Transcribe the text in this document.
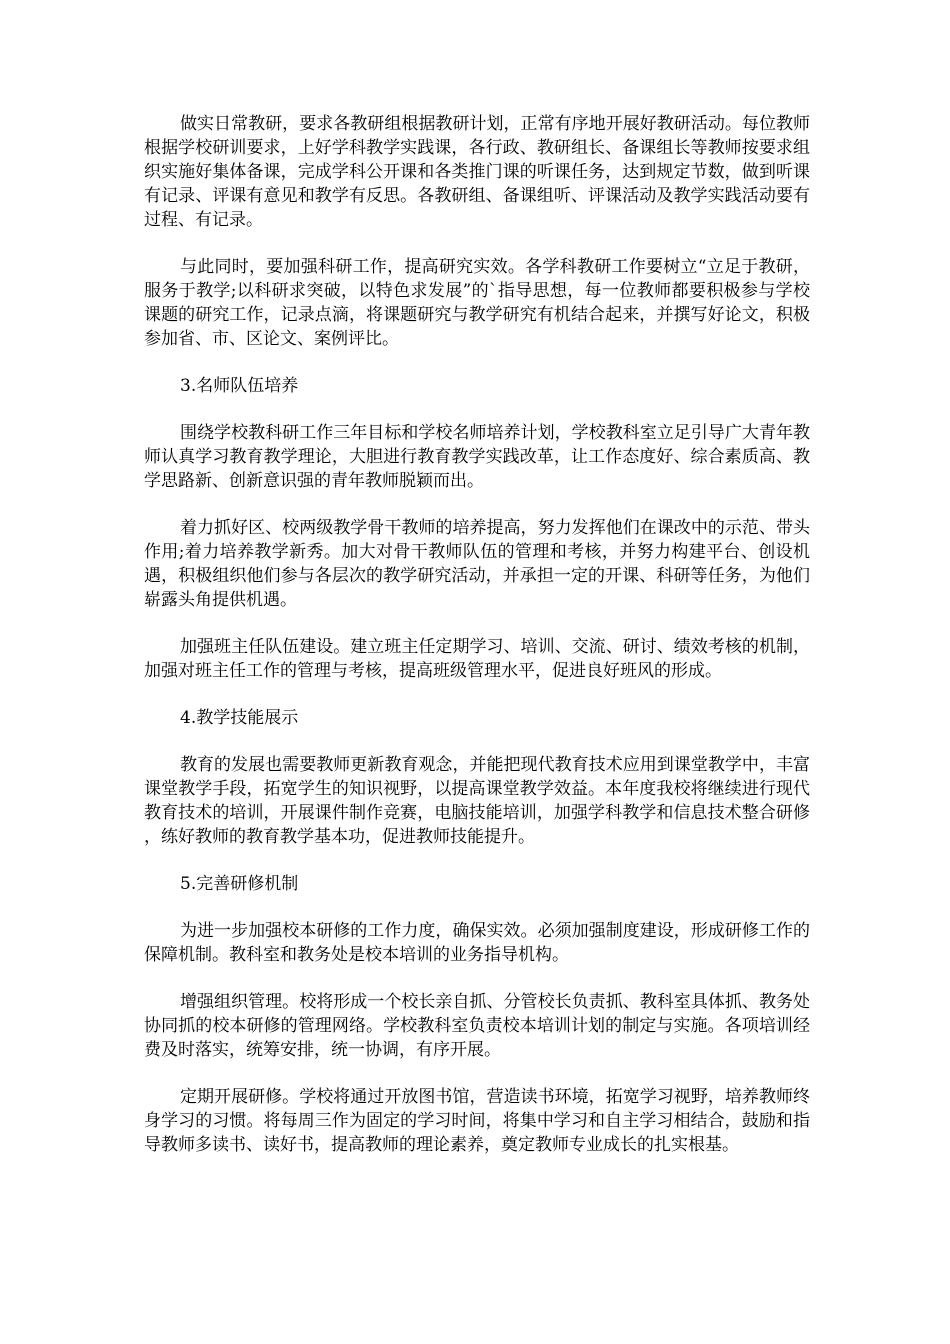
做实日常教研，要求各教研组根据教研计划，正常有序地开展好教研活动。每位教师根据学校研训要求，上好学科教学实践课，各行政、教研组长、备课组长等教师按要求组织实施好集体备课，完成学科公开课和各类推门课的听课任务，达到规定节数，做到听课有记录、评课有意见和教学有反思。各教研组、备课组听、评课活动及教学实践活动要有过程、有记录。

与此同时，要加强科研工作，提高研究实效。各学科教研工作要树立“立足于教研，服务于教学;以科研求突破，以特色求发展”的`指导思想，每一位教师都要积极参与学校课题的研究工作，记录点滴，将课题研究与教学研究有机结合起来，并撰写好论文，积极参加省、市、区论文、案例评比。

3.名师队伍培养

围绕学校教科研工作三年目标和学校名师培养计划，学校教科室立足引导广大青年教师认真学习教育教学理论，大胆进行教育教学实践改革，让工作态度好、综合素质高、教学思路新、创新意识强的青年教师脱颖而出。

着力抓好区、校两级教学骨干教师的培养提高，努力发挥他们在课改中的示范、带头作用;着力培养教学新秀。加大对骨干教师队伍的管理和考核，并努力构建平台、创设机遇，积极组织他们参与各层次的教学研究活动，并承担一定的开课、科研等任务，为他们崭露头角提供机遇。

加强班主任队伍建设。建立班主任定期学习、培训、交流、研讨、绩效考核的机制，加强对班主任工作的管理与考核，提高班级管理水平，促进良好班风的形成。

4.教学技能展示

教育的发展也需要教师更新教育观念，并能把现代教育技术应用到课堂教学中，丰富课堂教学手段，拓宽学生的知识视野，以提高课堂教学效益。本年度我校将继续进行现代教育技术的培训，开展课件制作竞赛，电脑技能培训，加强学科教学和信息技术整合研修，练好教师的教育教学基本功，促进教师技能提升。

5.完善研修机制

为进一步加强校本研修的工作力度，确保实效。必须加强制度建设，形成研修工作的保障机制。教科室和教务处是校本培训的业务指导机构。

增强组织管理。校将形成一个校长亲自抓、分管校长负责抓、教科室具体抓、教务处协同抓的校本研修的管理网络。学校教科室负责校本培训计划的制定与实施。各项培训经费及时落实，统筹安排，统一协调，有序开展。

定期开展研修。学校将通过开放图书馆，营造读书环境，拓宽学习视野，培养教师终身学习的习惯。将每周三作为固定的学习时间，将集中学习和自主学习相结合，鼓励和指导教师多读书、读好书，提高教师的理论素养，奠定教师专业成长的扎实根基。
